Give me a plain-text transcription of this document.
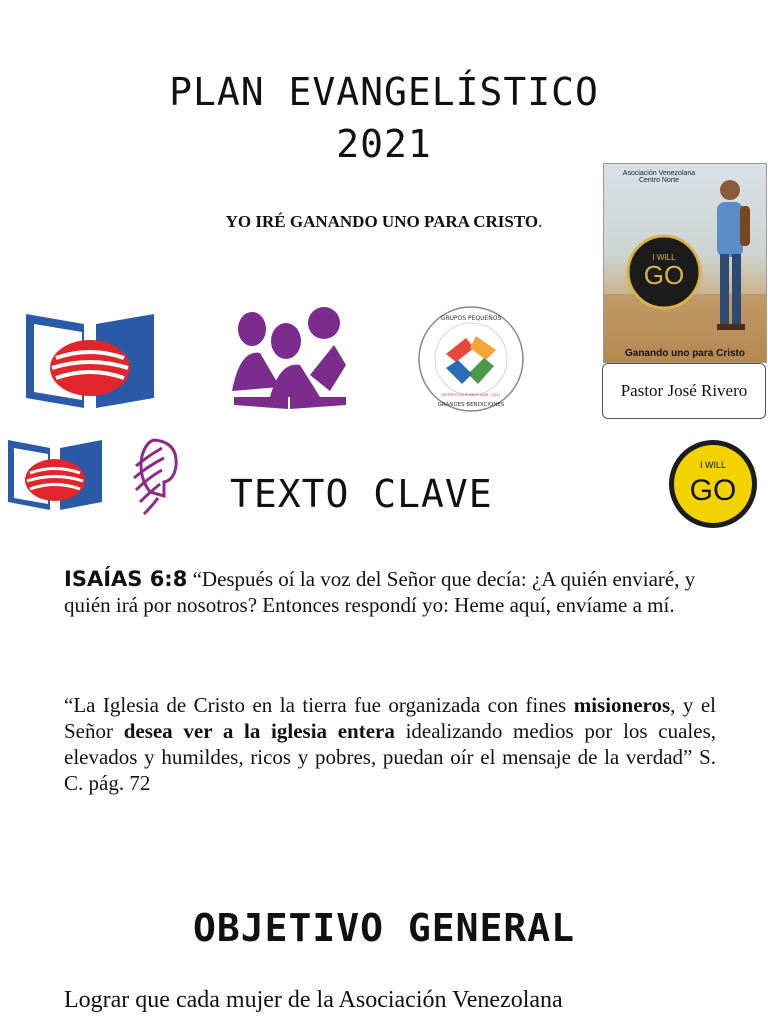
PLAN EVANGELÍSTICO
2021
YO IRÉ GANANDO UNO PARA CRISTO.
Asociación Venezolana
Centro Norte
I WILL
GO
Ganando uno para Cristo
Pastor José Rivero
GRUPOS PEQUEÑOS
DISTRITO DE PUERTO AJAR · 2021
GRANDES BENDICIONES
TEXTO CLAVE
I WILL
GO
ISAÍAS 6:8 “Después oí la voz del Señor que decía: ¿A quién enviaré, y quién irá por nosotros? Entonces respondí yo: Heme aquí, envíame a mí.
“La Iglesia de Cristo en la tierra fue organizada con fines misioneros, y el Señor desea ver a la iglesia entera idealizando medios por los cuales, elevados y humildes, ricos y pobres, puedan oír el mensaje de la verdad” S. C. pág. 72
OBJETIVO GENERAL
Lograr que cada mujer de la Asociación Venezolana
